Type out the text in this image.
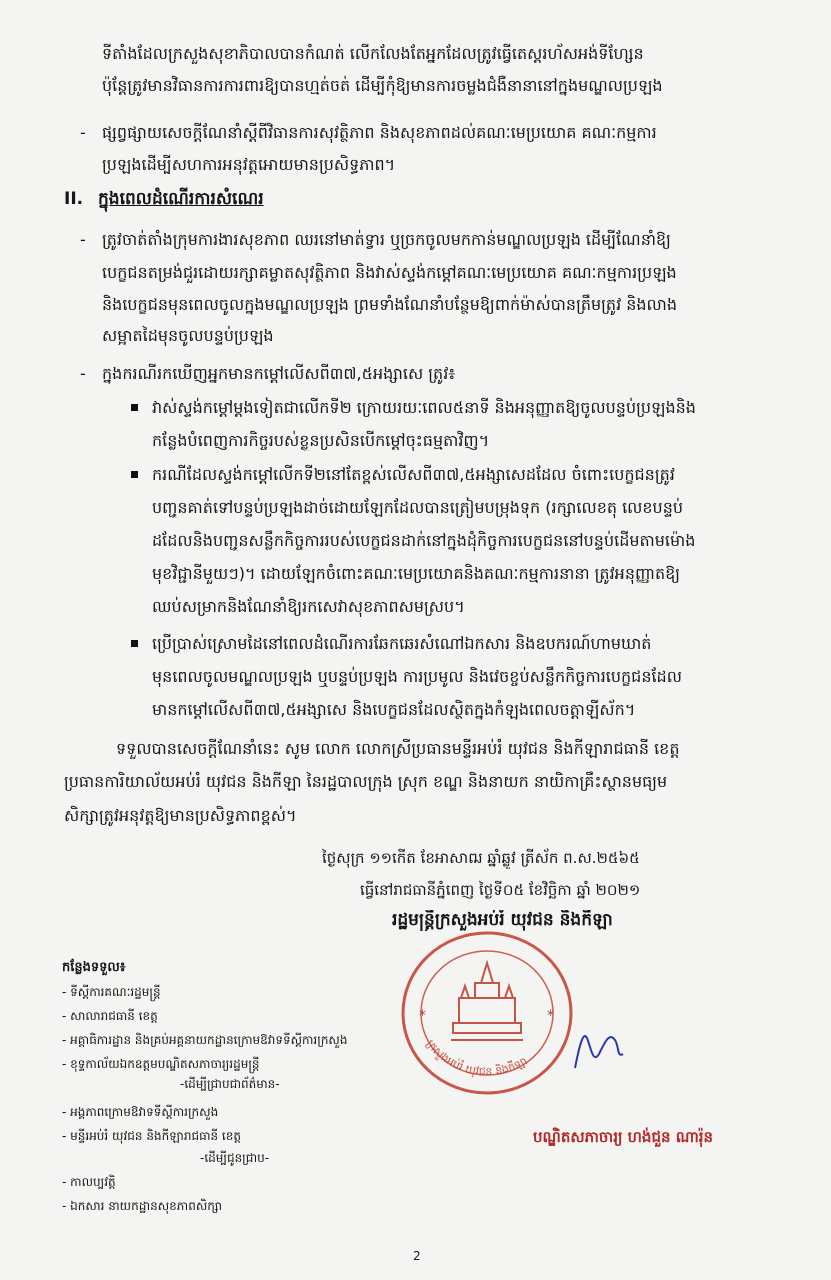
ទីតាំងដែលក្រសួងសុខាភិបាលបានកំណត់ លើកលែងតែអ្នកដែលត្រូវធ្វើតេស្តរហ័សអង់ទីហ្សែន
ប៉ុន្តែត្រូវមានវិធានការការពារឱ្យបានហ្មត់ចត់ ដើម្បីកុំឱ្យមានការចម្លងជំងឺនានានៅក្នុងមណ្ឌលប្រឡង
- ផ្សព្វផ្សាយសេចក្តីណែនាំស្តីពីវិធានការសុវត្ថិភាព និងសុខភាពដល់គណៈមេប្រយោគ គណៈកម្មការ
ប្រឡងដើម្បីសហការអនុវត្តអោយមានប្រសិទ្ធភាព។
II. ក្នុងពេលដំណើរការសំណេរ
- ត្រូវចាត់តាំងក្រុមការងារសុខភាព ឈរនៅមាត់ទ្វារ ឬច្រកចូលមកកាន់មណ្ឌលប្រឡង ដើម្បីណែនាំឱ្យ
បេក្ខជនតម្រង់ជួរដោយរក្សាគម្លាតសុវត្ថិភាព និងវាស់ស្ទង់កម្តៅគណៈមេប្រយោគ គណៈកម្មការប្រឡង
និងបេក្ខជនមុនពេលចូលក្នុងមណ្ឌលប្រឡង ព្រមទាំងណែនាំបន្ថែមឱ្យពាក់ម៉ាស់បានត្រឹមត្រូវ និងលាង
សម្អាតដៃមុនចូលបន្ទប់ប្រឡង
- ក្នុងករណីរកឃើញអ្នកមានកម្តៅលើសពី៣៧,៥អង្សាសេ ត្រូវ៖
វាស់ស្ទង់កម្តៅម្តងទៀតជាលើកទី២ ក្រោយរយៈពេល៥នាទី និងអនុញ្ញាតឱ្យចូលបន្ទប់ប្រឡងនិង
កន្លែងបំពេញការកិច្ចរបស់ខ្លួនប្រសិនបើកម្តៅចុះធម្មតាវិញ។
ករណីដែលស្ទង់កម្តៅលើកទី២នៅតែខ្ពស់លើសពី៣៧,៥អង្សាសេដដែល ចំពោះបេក្ខជនត្រូវ
បញ្ជូនគាត់ទៅបន្ទប់ប្រឡងដាច់ដោយឡែកដែលបានត្រៀមបម្រុងទុក (រក្សាលេខតុ លេខបន្ទប់
ដដែលនិងបញ្ជូនសន្លឹកកិច្ចការរបស់បេក្ខជនដាក់នៅក្នុងដុំកិច្ចការបេក្ខជននៅបន្ទប់ដើមតាមម៉ោង
មុខវិជ្ជានីមួយៗ)។ ដោយឡែកចំពោះគណៈមេប្រយោគនិងគណៈកម្មការនានា ត្រូវអនុញ្ញាតឱ្យ
ឈប់សម្រាកនិងណែនាំឱ្យរកសេវាសុខភាពសមស្រប។
ប្រើប្រាស់ស្រោមដៃនៅពេលដំណើរការឆែកឆេរសំណៅឯកសារ និងឧបករណ៍ហាមឃាត់
មុនពេលចូលមណ្ឌលប្រឡង ឬបន្ទប់ប្រឡង ការប្រមូល និងវេចខ្ចប់សន្លឹកកិច្ចការបេក្ខជនដែល
មានកម្តៅលើសពី៣៧,៥អង្សាសេ និងបេក្ខជនដែលស្ថិតក្នុងកំឡុងពេលចត្តាឡីស័ក។
ទទួលបានសេចក្តីណែនាំនេះ សូម លោក លោកស្រីប្រធានមន្ទីរអប់រំ យុវជន និងកីឡារាជធានី ខេត្ត
ប្រធានការិយាល័យអប់រំ យុវជន និងកីឡា នៃរដ្ឋបាលក្រុង ស្រុក ខណ្ឌ និងនាយក នាយិកាគ្រឹះស្ថានមធ្យម
សិក្សាត្រូវអនុវត្តឱ្យមានប្រសិទ្ធភាពខ្ពស់។
ថ្ងៃសុក្រ ១១កើត ខែអាសាឍ ឆ្នាំឆ្លូវ ត្រីស័ក ព.ស.២៥៦៥
ធ្វើនៅរាជធានីភ្នំពេញ ថ្ងៃទី០៥ ខែវិច្ឆិកា ឆ្នាំ ២០២១
រដ្ឋមន្ត្រីក្រសួងអប់រំ យុវជន និងកីឡា
*	*
ក្រសួងអប់រំ យុវជន និងកីឡា
បណ្ឌិតសភាចារ្យ ហង់ជួន ណារ៉ុន
កន្លែងទទួល៖
- ទីស្តីការគណៈរដ្ឋមន្ត្រី
- សាលារាជធានី ខេត្ត
- អគ្គាធិការដ្ឋាន និងគ្រប់អគ្គនាយកដ្ឋានក្រោមឱវាទទីស្តីការក្រសួង
- ខុទ្ទកាល័យឯកឧត្តមបណ្ឌិតសភាចារ្យរដ្ឋមន្ត្រី
-ដើម្បីជ្រាបជាព័ត៌មាន-
- អង្គភាពក្រោមឱវាទទីស្តីការក្រសួង
- មន្ទីរអប់រំ យុវជន និងកីឡារាជធានី ខេត្ត
-ដើម្បីជូនជ្រាប-
- កាលប្បវត្តិ
- ឯកសារ នាយកដ្ឋានសុខភាពសិក្សា
2
